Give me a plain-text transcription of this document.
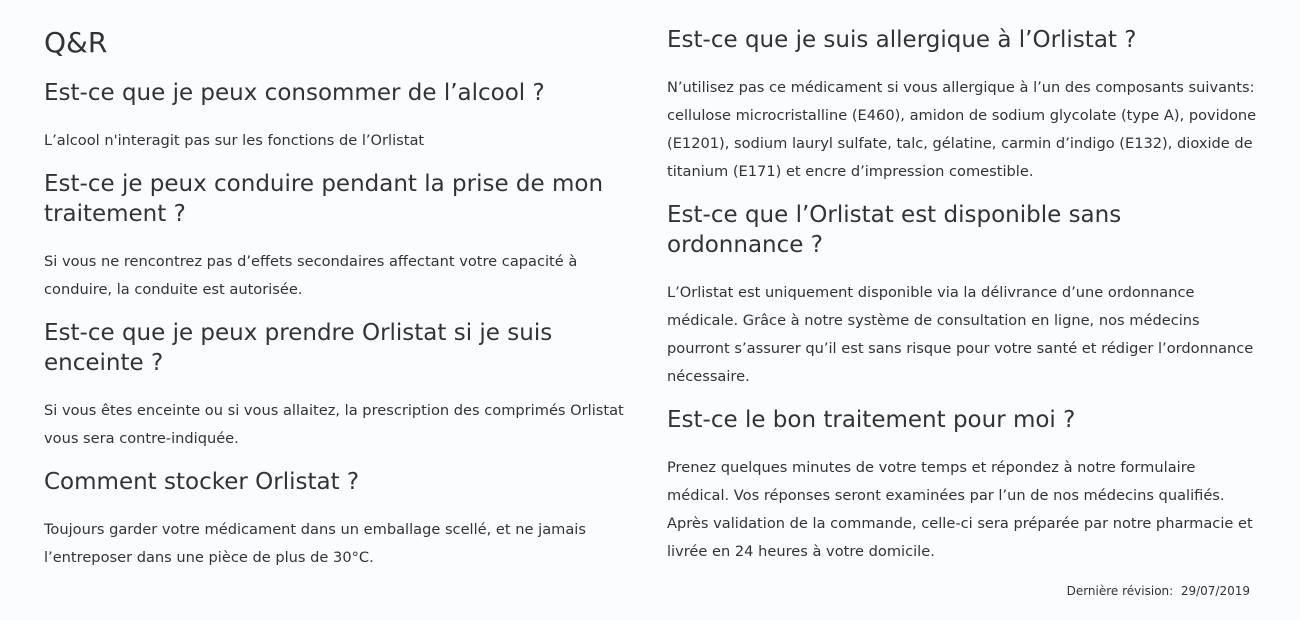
Q&R
Est-ce que je peux consommer de l’alcool ?

L’alcool n'interagit pas sur les fonctions de l’Orlistat

Est-ce je peux conduire pendant la prise de mon traitement ?

Si vous ne rencontrez pas d’effets secondaires affectant votre capacité à conduire, la conduite est autorisée.

Est-ce que je peux prendre Orlistat si je suis enceinte ?

Si vous êtes enceinte ou si vous allaitez, la prescription des comprimés Orlistat vous sera contre-indiquée.

Comment stocker Orlistat ?

Toujours garder votre médicament dans un emballage scellé, et ne jamais l’entreposer dans une pièce de plus de 30°C.

Est-ce que je suis allergique à l’Orlistat ?

N’utilisez pas ce médicament si vous allergique à l’un des composants suivants: cellulose microcristalline (E460), amidon de sodium glycolate (type A), povidone (E1201), sodium lauryl sulfate, talc, gélatine, carmin d’indigo (E132), dioxide de titanium (E171) et encre d’impression comestible.

Est-ce que l’Orlistat est disponible sans ordonnance ?

L’Orlistat est uniquement disponible via la délivrance d’une ordonnance médicale. Grâce à notre système de consultation en ligne, nos médecins pourront s’assurer qu’il est sans risque pour votre santé et rédiger l’ordonnance nécessaire.

Est-ce le bon traitement pour moi ?

Prenez quelques minutes de votre temps et répondez à notre formulaire médical. Vos réponses seront examinées par l’un de nos médecins qualifiés. Après validation de la commande, celle-ci sera préparée par notre pharmacie et livrée en 24 heures à votre domicile.

Dernière révision: 29/07/2019
